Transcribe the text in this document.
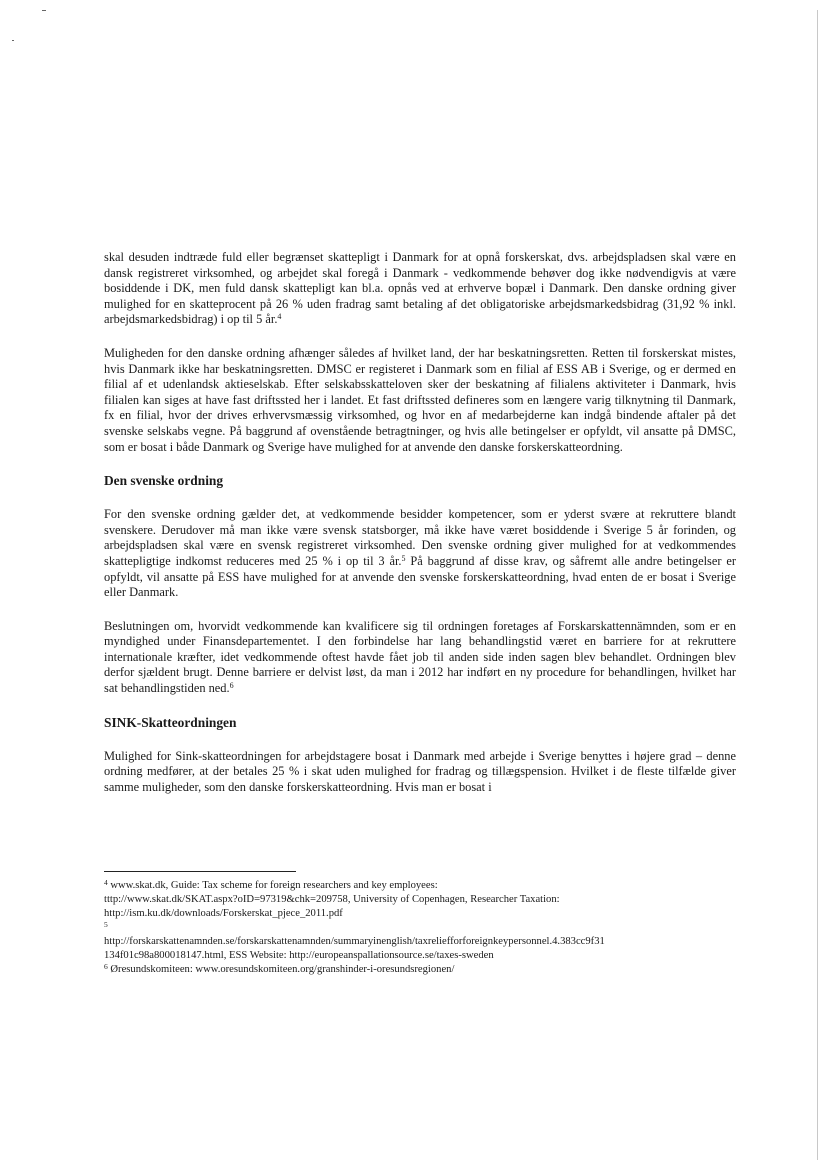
skal desuden indtræde fuld eller begrænset skattepligt i Danmark for at opnå forskerskat, dvs. arbejdspladsen skal være en dansk registreret virksomhed, og arbejdet skal foregå i Danmark - vedkommende behøver dog ikke nødvendigvis at være bosiddende i DK, men fuld dansk skattepligt kan bl.a. opnås ved at erhverve bopæl i Danmark. Den danske ordning giver mulighed for en skatteprocent på 26 % uden fradrag samt betaling af det obligatoriske arbejdsmarkedsbidrag (31,92 % inkl. arbejdsmarkedsbidrag) i op til 5 år.$^4$

Muligheden for den danske ordning afhænger således af hvilket land, der har beskatningsretten. Retten til forskerskat mistes, hvis Danmark ikke har beskatningsretten. DMSC er registeret i Danmark som en filial af ESS AB i Sverige, og er dermed en filial af et udenlandsk aktieselskab. Efter selskabsskatteloven sker der beskatning af filialens aktiviteter i Danmark, hvis filialen kan siges at have fast driftssted her i landet. Et fast driftssted defineres som en længere varig tilknytning til Danmark, fx en filial, hvor der drives erhvervsmæssig virksomhed, og hvor en af medarbejderne kan indgå bindende aftaler på det svenske selskabs vegne. På baggrund af ovenstående betragtninger, og hvis alle betingelser er opfyldt, vil ansatte på DMSC, som er bosat i både Danmark og Sverige have mulighed for at anvende den danske forskerskatteordning.

Den svenske ordning

For den svenske ordning gælder det, at vedkommende besidder kompetencer, som er yderst svære at rekruttere blandt svenskere. Derudover må man ikke være svensk statsborger, må ikke have været bosiddende i Sverige 5 år forinden, og arbejdspladsen skal være en svensk registreret virksomhed. Den svenske ordning giver mulighed for at vedkommendes skattepligtige indkomst reduceres med 25 % i op til 3 år.$^5$ På baggrund af disse krav, og såfremt alle andre betingelser er opfyldt, vil ansatte på ESS have mulighed for at anvende den svenske forskerskatteordning, hvad enten de er bosat i Sverige eller Danmark.

Beslutningen om, hvorvidt vedkommende kan kvalificere sig til ordningen foretages af Forskarskattennämnden, som er en myndighed under Finansdepartementet. I den forbindelse har lang behandlingstid været en barriere for at rekruttere internationale kræfter, idet vedkommende oftest havde fået job til anden side inden sagen blev behandlet. Ordningen blev derfor sjældent brugt. Denne barriere er delvist løst, da man i 2012 har indført en ny procedure for behandlingen, hvilket har sat behandlingstiden ned.$^6$

SINK-Skatteordningen

Mulighed for Sink-skatteordningen for arbejdstagere bosat i Danmark med arbejde i Sverige benyttes i højere grad – denne ordning medfører, at der betales 25 % i skat uden mulighed for fradrag og tillægspension. Hvilket i de fleste tilfælde giver samme muligheder, som den danske forskerskatteordning. Hvis man er bosat i

$^4$ www.skat.dk, Guide: Tax scheme for foreign researchers and key employees:
tttp://www.skat.dk/SKAT.aspx?oID=97319&chk=209758, University of Copenhagen, Researcher Taxation:
http://ism.ku.dk/downloads/Forskerskat_pjece_2011.pdf
$^5$
http://forskarskattenamnden.se/forskarskattenamnden/summaryinenglish/taxreliefforforeignkeypersonnel.4.383cc9f31
134f01c98a800018147.html, ESS Website: http://europeanspallationsource.se/taxes-sweden
$^6$ Øresundskomiteen: www.oresundskomiteen.org/granshinder-i-oresundsregionen/
